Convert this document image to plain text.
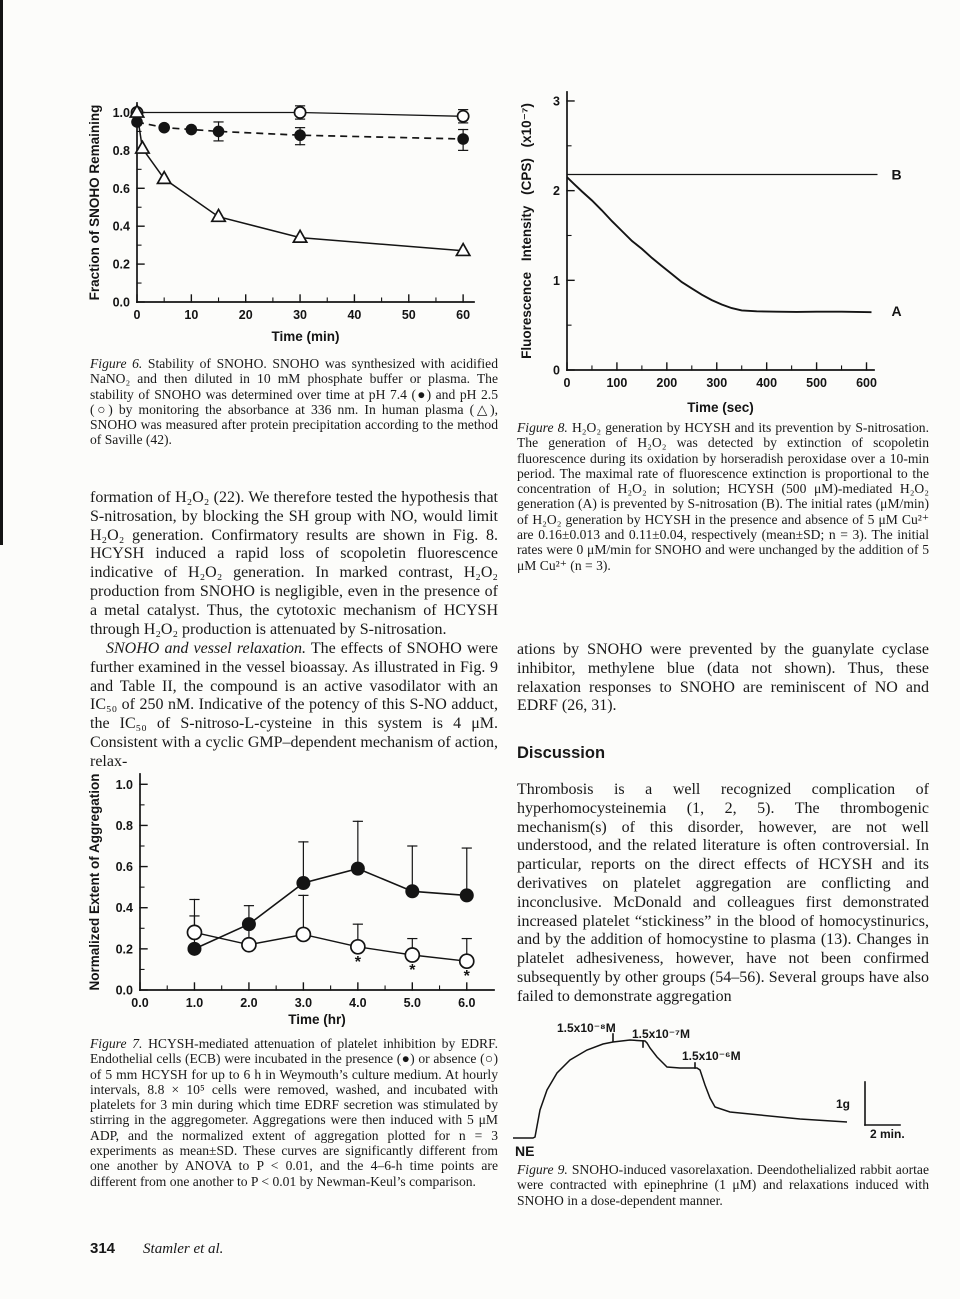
0	10	20	30	40	50	60
0.0
0.2
0.4
0.6
0.8
1.0
Time (min)
Fraction of SNOHO Remaining

Figure 6. Stability of SNOHO. SNOHO was synthesized with acidified NaNO₂ and then diluted in 10 mM phosphate buffer or plasma. The stability of SNOHO was determined over time at pH 7.4 (●) and pH 2.5 (○) by monitoring the absorbance at 336 nm. In human plasma (△), SNOHO was measured after protein precipitation according to the method of Saville (42).

formation of H₂O₂ (22). We therefore tested the hypothesis that S-nitrosation, by blocking the SH group with NO, would limit H₂O₂ generation. Confirmatory results are shown in Fig. 8. HCYSH induced a rapid loss of scopoletin fluorescence indicative of H₂O₂ generation. In marked contrast, H₂O₂ production from SNOHO is negligible, even in the presence of a metal catalyst. Thus, the cytotoxic mechanism of HCYSH through H₂O₂ production is attenuated by S-nitrosation.

SNOHO and vessel relaxation. The effects of SNOHO were further examined in the vessel bioassay. As illustrated in Fig. 9 and Table II, the compound is an active vasodilator with an IC₅₀ of 250 nM. Indicative of the potency of this S-NO adduct, the IC₅₀ of S-nitroso-L-cysteine in this system is 4 μM. Consistent with a cyclic GMP–dependent mechanism of action, relax-

0.0	1.0	2.0	3.0	4.0	5.0	6.0
0.0
0.2
0.4
0.6
0.8
1.0
Time (hr)
Normalized Extent of Aggregation	*	*	*

Figure 7. HCYSH-mediated attenuation of platelet inhibition by EDRF. Endothelial cells (ECB) were incubated in the presence (●) or absence (○) of 5 mm HCYSH for up to 6 h in Weymouth’s culture medium. At hourly intervals, 8.8 × 10⁵ cells were removed, washed, and incubated with platelets for 3 min during which time EDRF secretion was stimulated by stirring in the aggregometer. Aggregations were then induced with 5 μM ADP, and the normalized extent of aggregation plotted for n = 3 experiments as mean±SD. These curves are significantly different from one another by ANOVA to P < 0.01, and the 4–6-h time points are different from one another to P < 0.01 by Newman-Keul’s comparison.

314 Stamler et al.
0	100 200 300 400 500 600
0
1
2
3
Time (sec)
Fluorescence Intensity (CPS) (x10⁻⁷)	B
A

Figure 8. H₂O₂ generation by HCYSH and its prevention by S-nitrosation. The generation of H₂O₂ was detected by extinction of scopoletin fluorescence during its oxidation by horseradish peroxidase over a 10-min period. The maximal rate of fluorescence extinction is proportional to the concentration of H₂O₂ in solution; HCYSH (500 μM)-mediated H₂O₂ generation (A) is prevented by S-nitrosation (B). The initial rates (μM/min) of H₂O₂ generation by HCYSH in the presence and absence of 5 μM Cu²⁺ are 0.16±0.013 and 0.11±0.04, respectively (mean±SD; n = 3). The initial rates were 0 μM/min for SNOHO and were unchanged by the addition of 5 μM Cu²⁺ (n = 3).

ations by SNOHO were prevented by the guanylate cyclase inhibitor, methylene blue (data not shown). Thus, these relaxation responses to SNOHO are reminiscent of NO and EDRF (26, 31).

Discussion

Thrombosis is a well recognized complication of hyperhomocysteinemia (1, 2, 5). The thrombogenic mechanism(s) of this disorder, however, are not well understood, and the related literature is often controversial. In particular, reports on the direct effects of HCYSH and its derivatives on platelet aggregation are conflicting and inconclusive. McDonald and colleagues first demonstrated increased platelet “stickiness” in the blood of homocystinurics, and by the addition of homocystine to plasma (13). Changes in platelet adhesiveness, however, have not been confirmed subsequently by other groups (54–56). Several groups have also failed to demonstrate aggregation

1.5x10⁻⁸M 1.5x10⁻⁷M
1.5x10⁻⁶M
NE
1g
2 min.

Figure 9. SNOHO-induced vasorelaxation. Deendothelialized rabbit aortae were contracted with epinephrine (1 μM) and relaxations induced with SNOHO in a dose-dependent manner.
